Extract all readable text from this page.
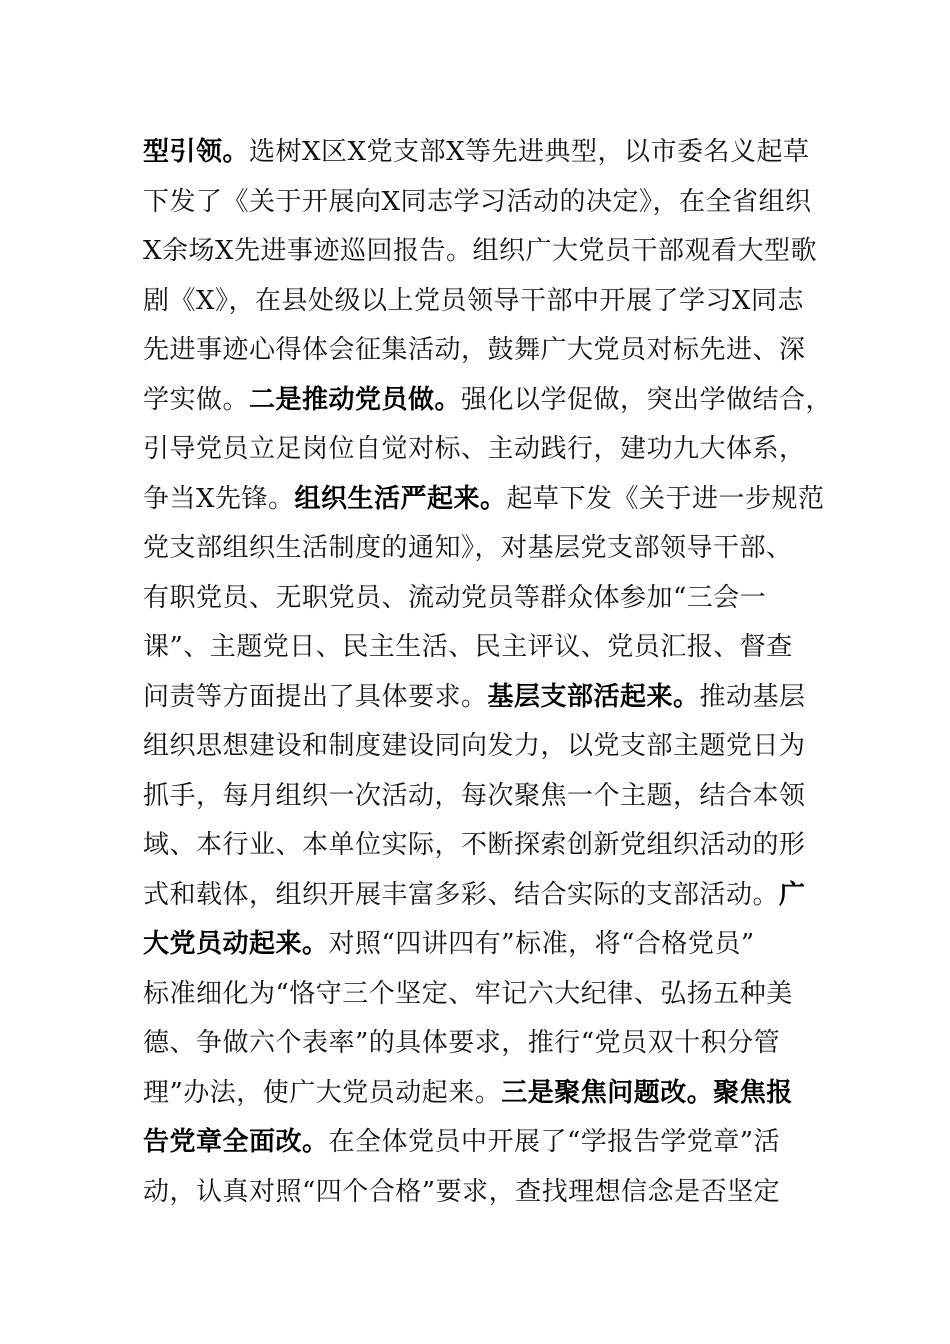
型引领。选树X区X党支部X等先进典型，以市委名义起草
下发了《关于开展向X同志学习活动的决定》，在全省组织
X余场X先进事迹巡回报告。组织广大党员干部观看大型歌
剧《X》，在县处级以上党员领导干部中开展了学习X同志
先进事迹心得体会征集活动，鼓舞广大党员对标先进、深
学实做。二是推动党员做。强化以学促做，突出学做结合，
引导党员立足岗位自觉对标、主动践行，建功九大体系，
争当X先锋。组织生活严起来。起草下发《关于进一步规范
党支部组织生活制度的通知》，对基层党支部领导干部、
有职党员、无职党员、流动党员等群众体参加“三会一
课”、主题党日、民主生活、民主评议、党员汇报、督查
问责等方面提出了具体要求。基层支部活起来。推动基层
组织思想建设和制度建设同向发力，以党支部主题党日为
抓手，每月组织一次活动，每次聚焦一个主题，结合本领
域、本行业、本单位实际，不断探索创新党组织活动的形
式和载体，组织开展丰富多彩、结合实际的支部活动。广
大党员动起来。对照“四讲四有”标准，将“合格党员”
标准细化为“恪守三个坚定、牢记六大纪律、弘扬五种美
德、争做六个表率”的具体要求，推行“党员双十积分管
理”办法，使广大党员动起来。三是聚焦问题改。聚焦报
告党章全面改。在全体党员中开展了“学报告学党章”活
动，认真对照“四个合格”要求，查找理想信念是否坚定
